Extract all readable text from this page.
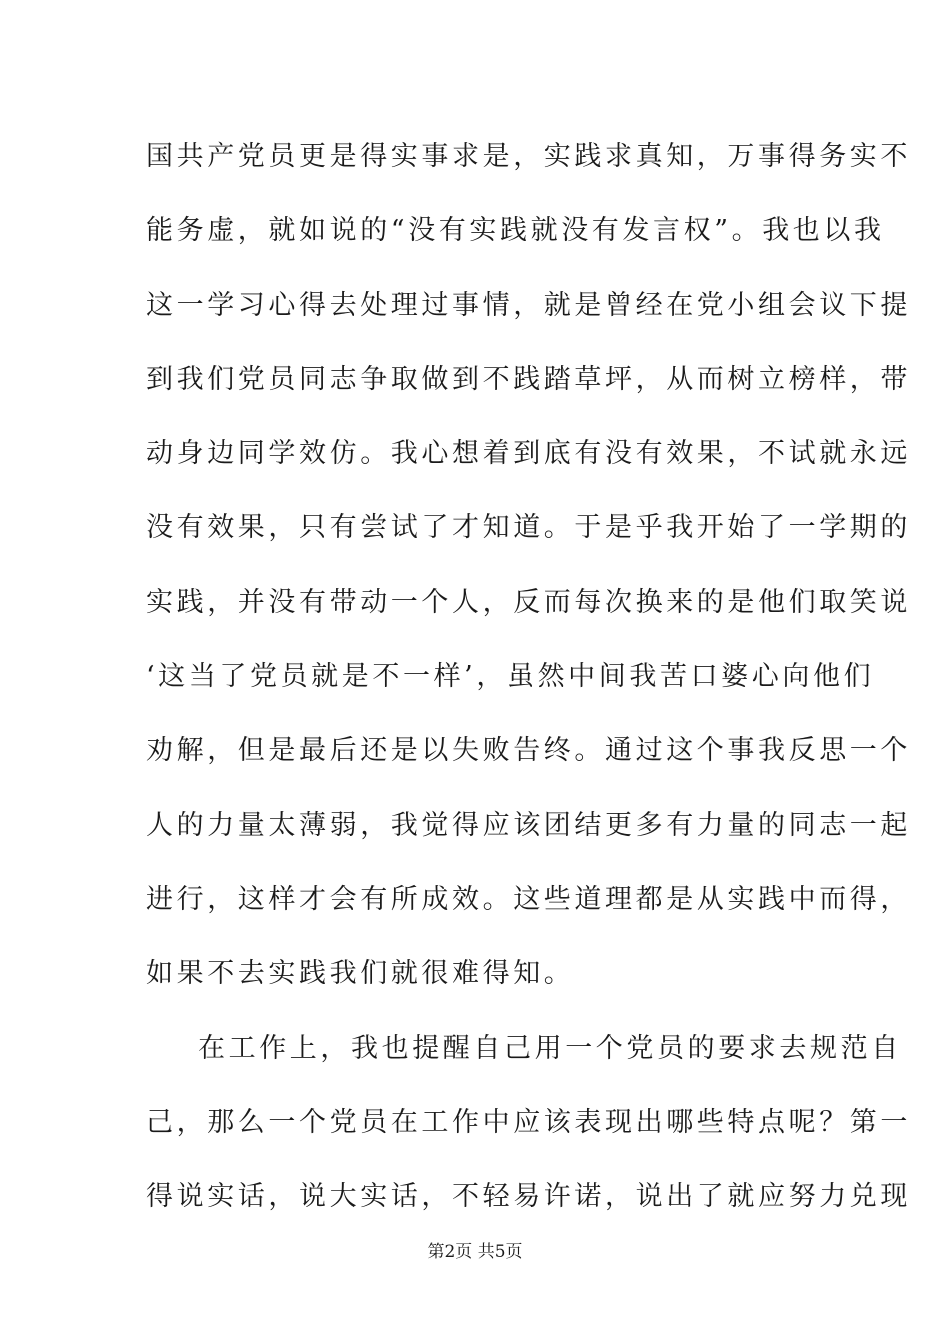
国共产党员更是得实事求是，实践求真知，万事得务实不
能务虚，就如说的“没有实践就没有发言权”。我也以我
这一学习心得去处理过事情，就是曾经在党小组会议下提
到我们党员同志争取做到不践踏草坪，从而树立榜样，带
动身边同学效仿。我心想着到底有没有效果，不试就永远
没有效果，只有尝试了才知道。于是乎我开始了一学期的
实践，并没有带动一个人，反而每次换来的是他们取笑说
‘这当了党员就是不一样’，虽然中间我苦口婆心向他们
劝解，但是最后还是以失败告终。通过这个事我反思一个
人的力量太薄弱，我觉得应该团结更多有力量的同志一起
进行，这样才会有所成效。这些道理都是从实践中而得，
如果不去实践我们就很难得知。
在工作上，我也提醒自己用一个党员的要求去规范自
己，那么一个党员在工作中应该表现出哪些特点呢？第一
得说实话，说大实话，不轻易许诺，说出了就应努力兑现
第2页 共5页
